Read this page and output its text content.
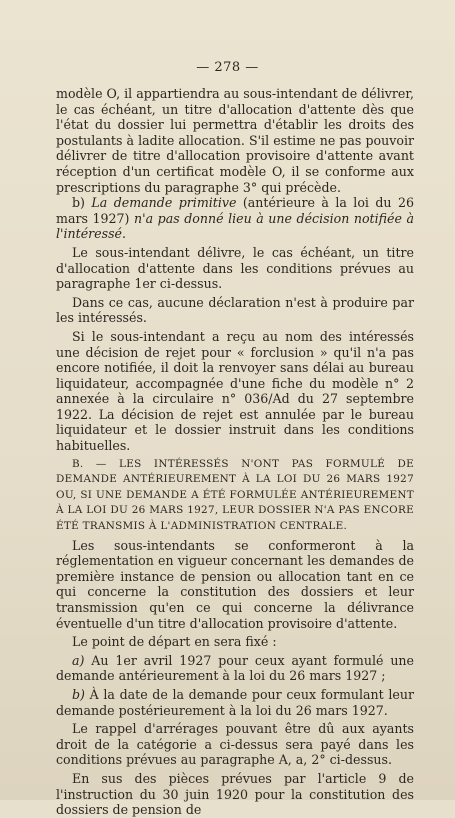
— 278 —

modèle O, il appartiendra au sous-intendant de délivrer, le cas échéant, un titre d'allocation d'attente dès que l'état du dossier lui permettra d'établir les droits des postulants à ladite allocation. S'il estime ne pas pouvoir délivrer de titre d'allocation provisoire d'attente avant réception d'un certificat modèle O, il se conforme aux prescriptions du paragraphe 3° qui précède.

b) La demande primitive (antérieure à la loi du 26 mars 1927) n'a pas donné lieu à une décision notifiée à l'intéressé.

Le sous-intendant délivre, le cas échéant, un titre d'allocation d'attente dans les conditions prévues au paragraphe 1er ci-dessus.

Dans ce cas, aucune déclaration n'est à produire par les intéressés.

Si le sous-intendant a reçu au nom des intéressés une décision de rejet pour « forclusion » qu'il n'a pas encore notifiée, il doit la renvoyer sans délai au bureau liquidateur, accompagnée d'une fiche du modèle n° 2 annexée à la circulaire n° 036/Ad du 27 septembre 1922. La décision de rejet est annulée par le bureau liquidateur et le dossier instruit dans les conditions habituelles.

B. — LES INTÉRESSÉS N'ONT PAS FORMULÉ DE DEMANDE ANTÉRIEUREMENT À LA LOI DU 26 MARS 1927 OU, SI UNE DEMANDE A ÉTÉ FORMULÉE ANTÉRIEUREMENT À LA LOI DU 26 MARS 1927, LEUR DOSSIER N'A PAS ENCORE ÉTÉ TRANSMIS À L'ADMINISTRATION CENTRALE.

Les sous-intendants se conformeront à la réglementation en vigueur concernant les demandes de première instance de pension ou allocation tant en ce qui concerne la constitution des dossiers et leur transmission qu'en ce qui concerne la délivrance éventuelle d'un titre d'allocation provisoire d'attente.

Le point de départ en sera fixé :

a) Au 1er avril 1927 pour ceux ayant formulé une demande antérieurement à la loi du 26 mars 1927 ;

b) À la date de la demande pour ceux formulant leur demande postérieurement à la loi du 26 mars 1927.

Le rappel d'arrérages pouvant être dû aux ayants droit de la catégorie a ci-dessus sera payé dans les conditions prévues au paragraphe A, a, 2° ci-dessus.

En sus des pièces prévues par l'article 9 de l'instruction du 30 juin 1920 pour la constitution des dossiers de pension de
